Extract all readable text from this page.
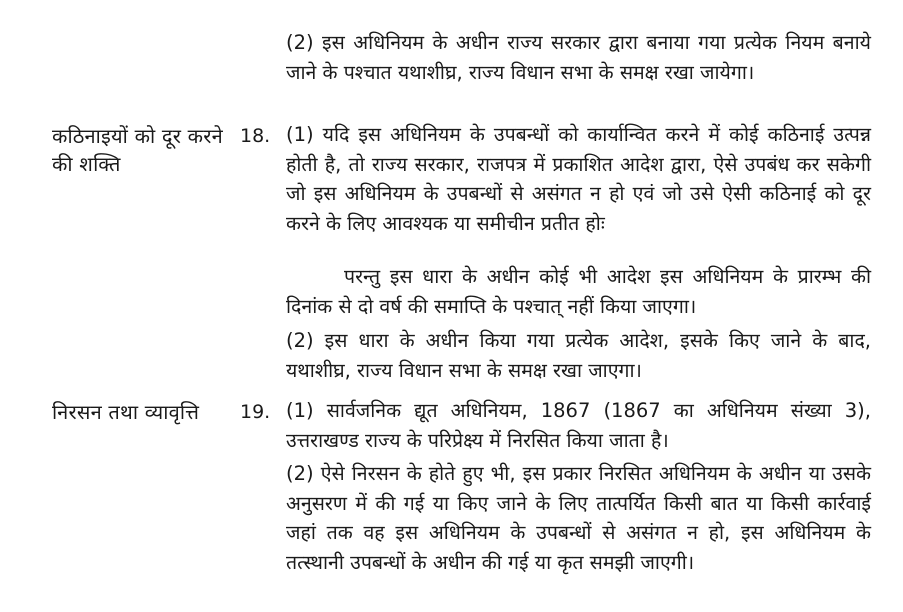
(2) इस अधिनियम के अधीन राज्य सरकार द्वारा बनाया गया प्रत्येक नियम बनाये जाने के पश्चात यथाशीघ्र, राज्य विधान सभा के समक्ष रखा जायेगा।

कठिनाइयों को दूर करने की शक्ति
18. (1) यदि इस अधिनियम के उपबन्धों को कार्यान्वित करने में कोई कठिनाई उत्पन्न होती है, तो राज्य सरकार, राजपत्र में प्रकाशित आदेश द्वारा, ऐसे उपबंध कर सकेगी जो इस अधिनियम के उपबन्धों से असंगत न हो एवं जो उसे ऐसी कठिनाई को दूर करने के लिए आवश्यक या समीचीन प्रतीत होः

परन्तु इस धारा के अधीन कोई भी आदेश इस अधिनियम के प्रारम्भ की दिनांक से दो वर्ष की समाप्ति के पश्चात् नहीं किया जाएगा।

(2) इस धारा के अधीन किया गया प्रत्येक आदेश, इसके किए जाने के बाद, यथाशीघ्र, राज्य विधान सभा के समक्ष रखा जाएगा।

निरसन तथा व्यावृत्ति	19. (1) सार्वजनिक द्यूत अधिनियम, 1867 (1867 का अधिनियम संख्या 3), उत्तराखण्ड राज्य के परिप्रेक्ष्य में निरसित किया जाता है।

(2) ऐसे निरसन के होते हुए भी, इस प्रकार निरसित अधिनियम के अधीन या उसके अनुसरण में की गई या किए जाने के लिए तात्पर्यित किसी बात या किसी कार्रवाई जहां तक वह इस अधिनियम के उपबन्धों से असंगत न हो, इस अधिनियम के तत्स्थानी उपबन्धों के अधीन की गई या कृत समझी जाएगी।
